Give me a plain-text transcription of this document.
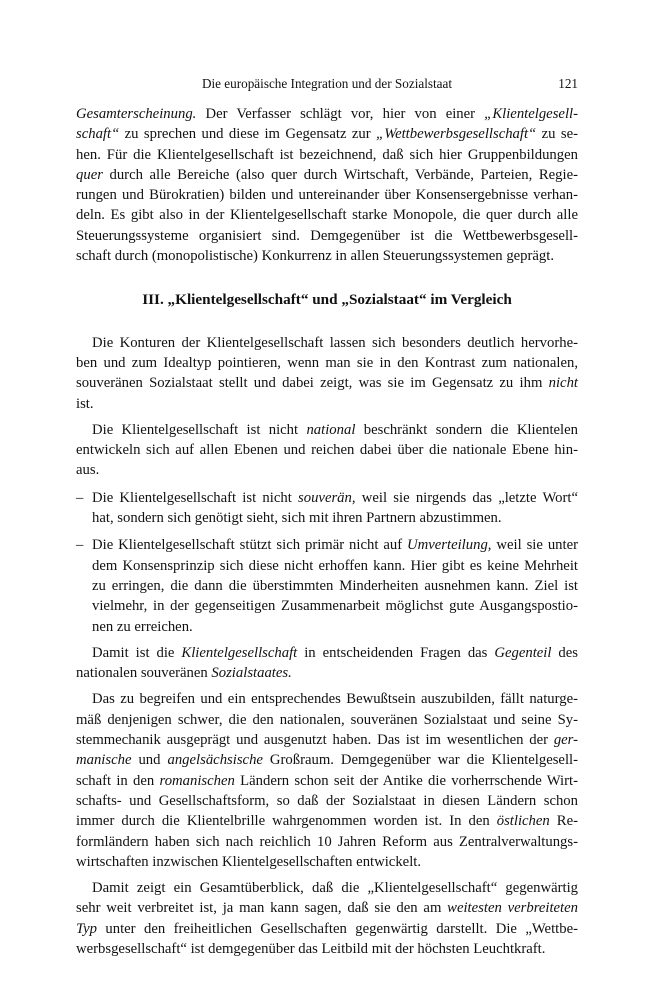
Die europäische Integration und der Sozialstaat	121
Gesamterscheinung. Der Verfasser schlägt vor, hier von einer „Klientelgesell-
schaft“ zu sprechen und diese im Gegensatz zur „Wettbewerbsgesellschaft“ zu se-
hen. Für die Klientelgesellschaft ist bezeichnend, daß sich hier Gruppenbildungen
quer durch alle Bereiche (also quer durch Wirtschaft, Verbände, Parteien, Regie-
rungen und Bürokratien) bilden und untereinander über Konsensergebnisse verhan-
deln. Es gibt also in der Klientelgesellschaft starke Monopole, die quer durch alle
Steuerungssysteme organisiert sind. Demgegenüber ist die Wettbewerbsgesell-
schaft durch (monopolistische) Konkurrenz in allen Steuerungssystemen geprägt.
III. „Klientelgesellschaft“ und „Sozialstaat“ im Vergleich
Die Konturen der Klientelgesellschaft lassen sich besonders deutlich hervorhe-
ben und zum Idealtyp pointieren, wenn man sie in den Kontrast zum nationalen,
souveränen Sozialstaat stellt und dabei zeigt, was sie im Gegensatz zu ihm nicht
ist.
Die Klientelgesellschaft ist nicht national beschränkt sondern die Klientelen
entwickeln sich auf allen Ebenen und reichen dabei über die nationale Ebene hin-
aus.
– Die Klientelgesellschaft ist nicht souverän, weil sie nirgends das „letzte Wort“
hat, sondern sich genötigt sieht, sich mit ihren Partnern abzustimmen.
– Die Klientelgesellschaft stützt sich primär nicht auf Umverteilung, weil sie unter
dem Konsensprinzip sich diese nicht erhoffen kann. Hier gibt es keine Mehrheit
zu erringen, die dann die überstimmten Minderheiten ausnehmen kann. Ziel ist
vielmehr, in der gegenseitigen Zusammenarbeit möglichst gute Ausgangspostio-
nen zu erreichen.
Damit ist die Klientelgesellschaft in entscheidenden Fragen das Gegenteil des
nationalen souveränen Sozialstaates.
Das zu begreifen und ein entsprechendes Bewußtsein auszubilden, fällt naturge-
mäß denjenigen schwer, die den nationalen, souveränen Sozialstaat und seine Sy-
stemmechanik ausgeprägt und ausgenutzt haben. Das ist im wesentlichen der ger-
manische und angelsächsische Großraum. Demgegenüber war die Klientelgesell-
schaft in den romanischen Ländern schon seit der Antike die vorherrschende Wirt-
schafts- und Gesellschaftsform, so daß der Sozialstaat in diesen Ländern schon
immer durch die Klientelbrille wahrgenommen worden ist. In den östlichen Re-
formländern haben sich nach reichlich 10 Jahren Reform aus Zentralverwaltungs-
wirtschaften inzwischen Klientelgesellschaften entwickelt.
Damit zeigt ein Gesamtüberblick, daß die „Klientelgesellschaft“ gegenwärtig
sehr weit verbreitet ist, ja man kann sagen, daß sie den am weitesten verbreiteten
Typ unter den freiheitlichen Gesellschaften gegenwärtig darstellt. Die „Wettbe-
werbsgesellschaft“ ist demgegenüber das Leitbild mit der höchsten Leuchtkraft.
